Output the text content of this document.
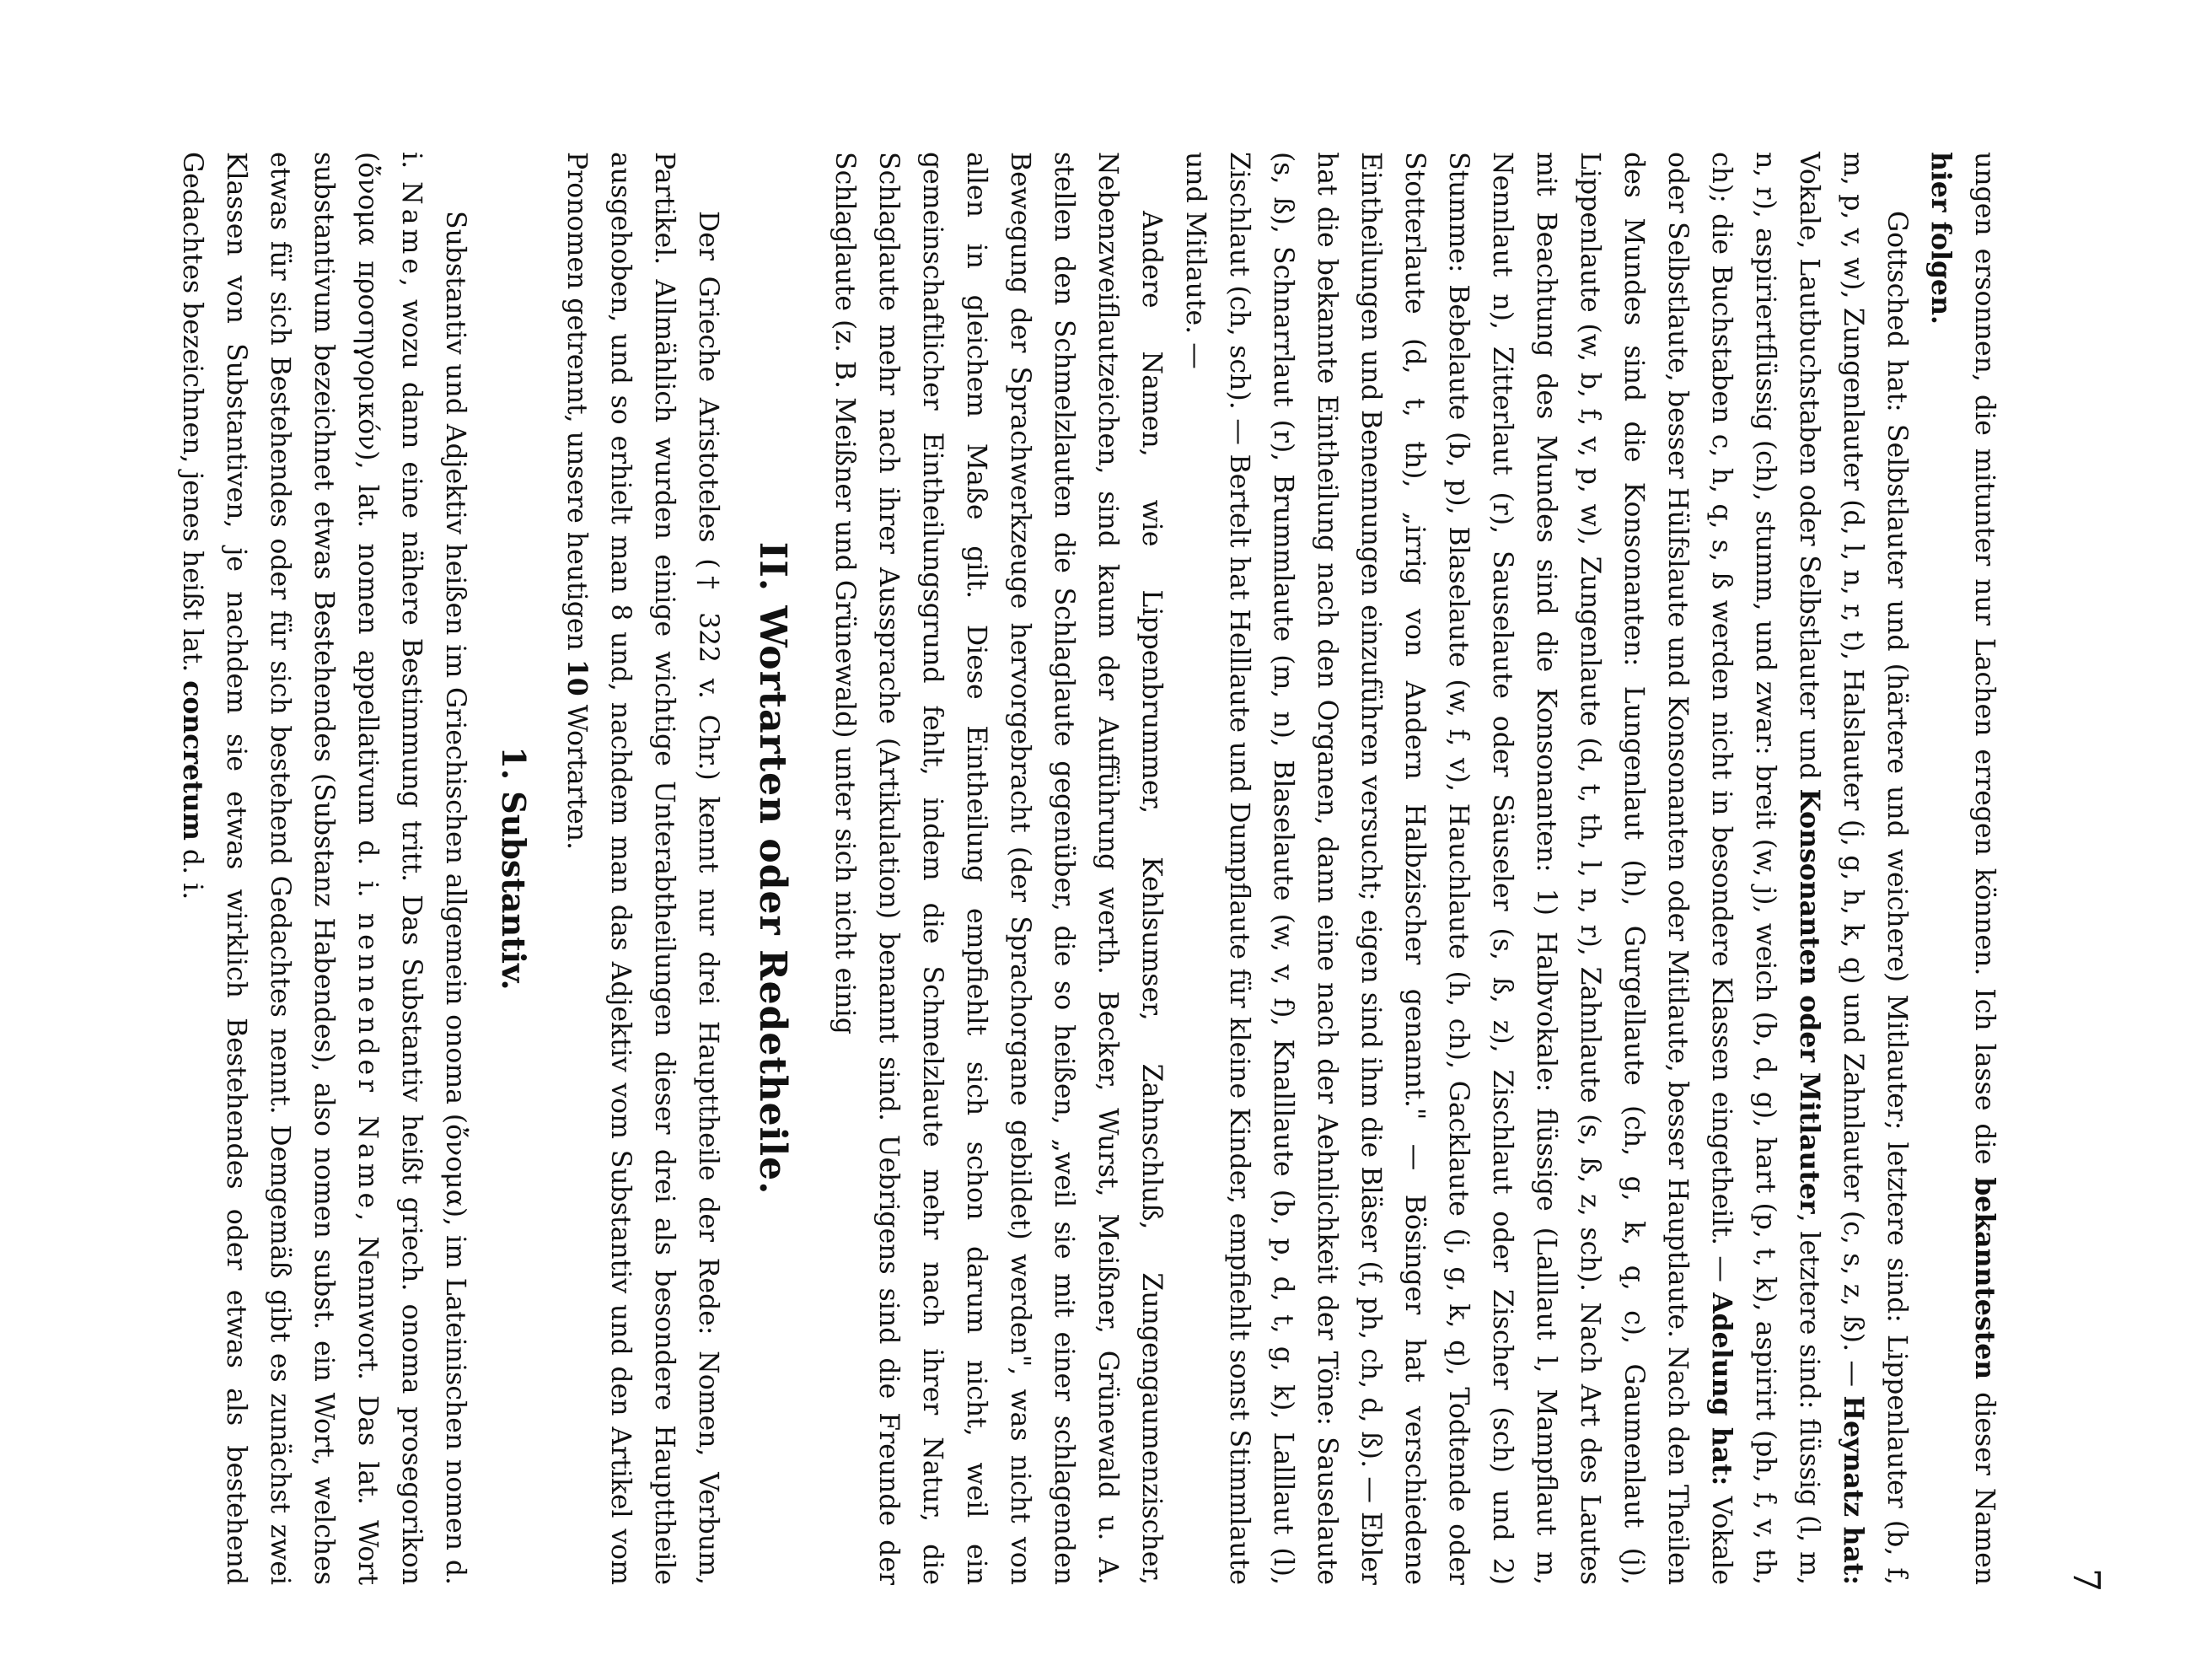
7

ungen ersonnen, die mitunter nur Lachen erregen können. Ich lasse die bekanntesten dieser Namen hier folgen.

Gottsched hat: Selbstlauter und (härtere und weichere) Mitlauter; letztere sind: Lippenlauter (b, f, m, p, v, w), Zungenlauter (d, l, n, r, t), Halslauter (j, g, h, k, q) und Zahnlauter (c, s, z, ß). — Heynatz hat: Vokale, Lautbuchstaben oder Selbstlauter und Konsonanten oder Mitlauter, letztere sind: flüssig (l, m, n, r), aspiriertflüssig (ch), stumm, und zwar: breit (w, j), weich (b, d, g), hart (p, t, k), aspirirt (ph, f, v, th, ch); die Buchstaben c, h, q, s, ß werden nicht in besondere Klassen eingetheilt. — Adelung hat: Vokale oder Selbstlaute, besser Hülfslaute und Konsonanten oder Mitlaute, besser Hauptlaute. Nach den Theilen des Mundes sind die Konsonanten: Lungenlaut (h), Gurgellaute (ch, g, k, q, c), Gaumenlaut (j), Lippenlaute (w, b, f, v, p, w), Zungenlaute (d, t, th, l, n, r), Zahnlaute (s, ß, z, sch). Nach Art des Lautes mit Beachtung des Mundes sind die Konsonanten: 1) Halbvokale: flüssige (Lalllaut l, Mampflaut m, Nennlaut n), Zitterlaut (r), Sauselaute oder Säuseler (s, ß, z), Zischlaut oder Zischer (sch) und 2) Stumme: Bebelaute (b, p), Blaselaute (w, f, v), Hauchlaute (h, ch), Gacklaute (j, g, k, q), Todtende oder Stotterlaute (d, t, th), „irrig von Andern Halbzischer genannt." — Bösinger hat verschiedene Eintheilungen und Benennungen einzuführen versucht; eigen sind ihm die Bläser (f, ph, ch, d, ß). — Ebler hat die bekannte Eintheilung nach den Organen, dann eine nach der Aehnlichkeit der Töne: Sauselaute (s, ß), Schnarrlaut (r), Brummlaute (m, n), Blaselaute (w, v, f), Knalllaute (b, p, d, t, g, k), Lalllaut (l), Zischlaut (ch, sch). — Bertelt hat Helllaute und Dumpflaute für kleine Kinder, empfiehlt sonst Stimmlaute und Mitlaute. —

Andere Namen, wie Lippenbrummer, Kehlsumser, Zahnschluß, Zungengaumenzischer, Nebenzweiflautzeichen, sind kaum der Aufführung werth. Becker, Wurst, Meißner, Grünewald u. A. stellen den Schmelzlauten die Schlaglaute gegenüber, die so heißen, „weil sie mit einer schlagenden Bewegung der Sprachwerkzeuge hervorgebracht (der Sprachorgane gebildet) werden", was nicht von allen in gleichem Maße gilt. Diese Eintheilung empfiehlt sich schon darum nicht, weil ein gemeinschaftlicher Eintheilungsgrund fehlt, indem die Schmelzlaute mehr nach ihrer Natur, die Schlaglaute mehr nach ihrer Aussprache (Artikulation) benannt sind. Uebrigens sind die Freunde der Schlaglaute (z. B. Meißner und Grünewald) unter sich nicht einig

II. Wortarten oder Redetheile.

Der Grieche Aristoteles († 322 v. Chr.) kennt nur drei Haupttheile der Rede: Nomen, Verbum, Partikel. Allmählich wurden einige wichtige Unterabtheilungen dieser drei als besondere Haupttheile ausgehoben, und so erhielt man 8 und, nachdem man das Adjektiv vom Substantiv und den Artikel vom Pronomen getrennt, unsere heutigen 10 Wortarten.

1. Substantiv.

Substantiv und Adjektiv heißen im Griechischen allgemein onoma (ὄνομα), im Lateinischen nomen d. i. Name, wozu dann eine nähere Bestimmung tritt. Das Substantiv heißt griech. onoma prosegorikon (ὄνομα προσηγορικόν), lat. nomen appellativum d. i. nennender Name, Nennwort. Das lat. Wort substantivum bezeichnet etwas Bestehendes (Substanz Habendes), also nomen subst. ein Wort, welches etwas für sich Bestehendes oder für sich bestehend Gedachtes nennt. Demgemäß gibt es zunächst zwei Klassen von Substantiven, je nachdem sie etwas wirklich Bestehendes oder etwas als bestehend Gedachtes bezeichnen, jenes heißt lat. concretum d. i.
